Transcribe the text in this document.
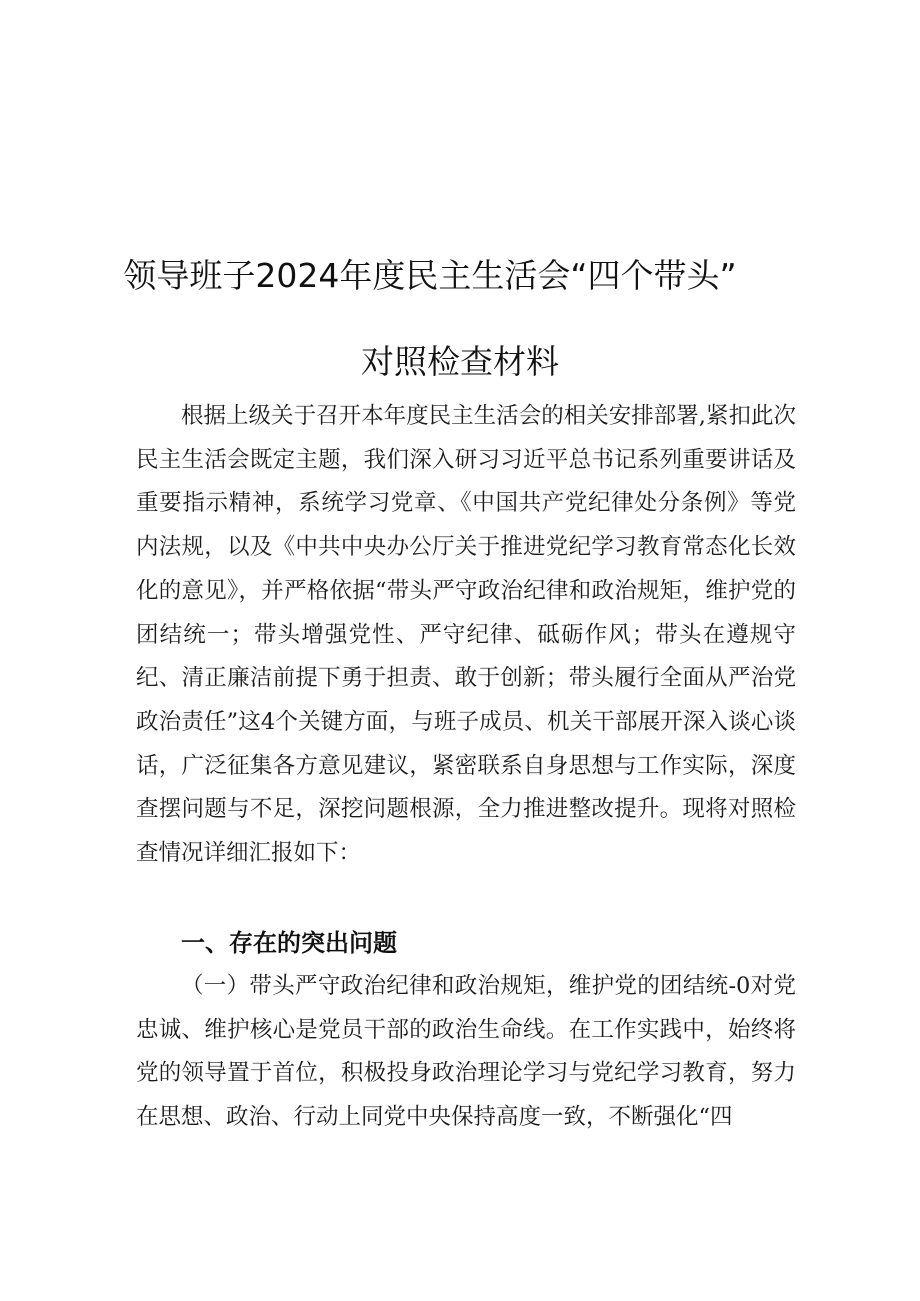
领导班子2024年度民主生活会“四个带头”
对照检查材料

根据上级关于召开本年度民主生活会的相关安排部署,紧扣此次民主生活会既定主题，我们深入研习习近平总书记系列重要讲话及重要指示精神，系统学习党章、《中国共产党纪律处分条例》等党内法规，以及《中共中央办公厅关于推进党纪学习教育常态化长效化的意见》，并严格依据“带头严守政治纪律和政治规矩，维护党的团结统一；带头增强党性、严守纪律、砥砺作风；带头在遵规守纪、清正廉洁前提下勇于担责、敢于创新；带头履行全面从严治党政治责任”这4个关键方面，与班子成员、机关干部展开深入谈心谈话，广泛征集各方意见建议，紧密联系自身思想与工作实际，深度查摆问题与不足，深挖问题根源，全力推进整改提升。现将对照检查情况详细汇报如下：

一、存在的突出问题

（一）带头严守政治纪律和政治规矩，维护党的团结统-0对党忠诚、维护核心是党员干部的政治生命线。在工作实践中，始终将党的领导置于首位，积极投身政治理论学习与党纪学习教育，努力在思想、政治、行动上同党中央保持高度一致，不断强化“四
